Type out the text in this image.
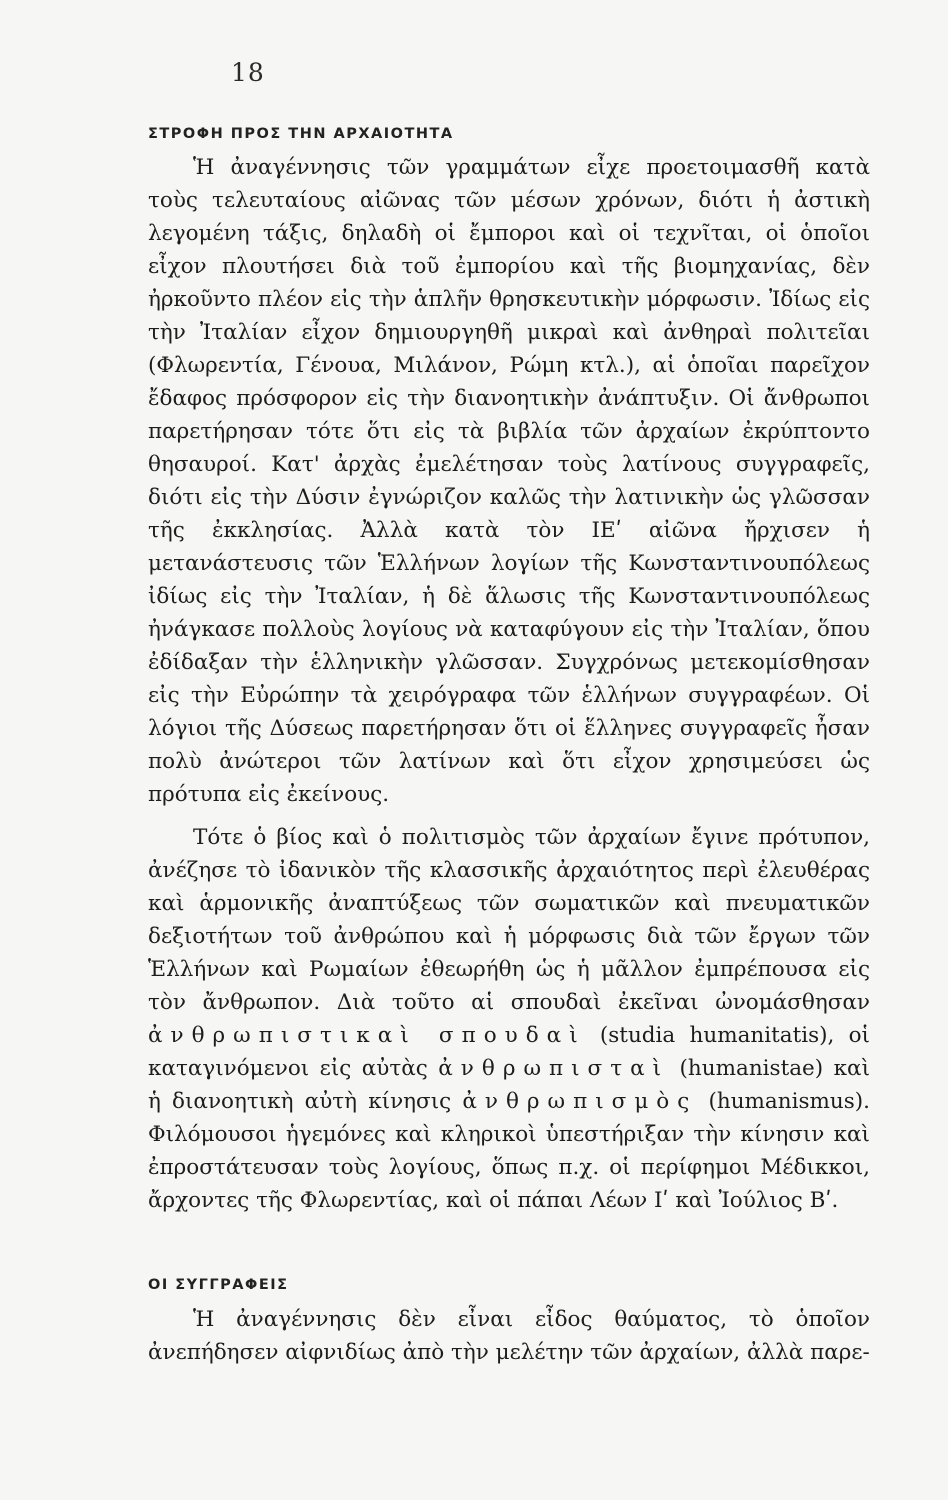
18
ΣΤΡΟΦΗ ΠΡΟΣ ΤΗΝ ΑΡΧΑΙΟΤΗΤΑ

Ἡ ἀναγέννησις τῶν γραμμάτων εἶχε προετοιμασθῆ κατὰ τοὺς τελευταίους αἰῶνας τῶν μέσων χρόνων, διότι ἡ ἀστικὴ λεγομένη τάξις, δηλαδὴ οἱ ἔμποροι καὶ οἱ τεχνῖται, οἱ ὁποῖοι εἶχον πλουτήσει διὰ τοῦ ἐμπορίου καὶ τῆς βιομηχανίας, δὲν ἠρκοῦντο πλέον εἰς τὴν ἁπλῆν θρησκευτικὴν μόρφωσιν. Ἰδίως εἰς τὴν Ἰταλίαν εἶχον δημιουργηθῆ μικραὶ καὶ ἀνθηραὶ πολιτεῖαι (Φλωρεντία, Γένουα, Μιλάνον, Ρώμη κτλ.), αἱ ὁποῖαι παρεῖχον ἔδαφος πρόσφορον εἰς τὴν διανοητικὴν ἀνάπτυξιν. Οἱ ἄνθρωποι παρετήρησαν τότε ὅτι εἰς τὰ βιβλία τῶν ἀρχαίων ἐκρύπτοντο θησαυροί. Κατ' ἀρχὰς ἐμελέτησαν τοὺς λατίνους συγγραφεῖς, διότι εἰς τὴν Δύσιν ἐγνώριζον καλῶς τὴν λατινικὴν ὡς γλῶσσαν τῆς ἐκκλησίας. Ἀλλὰ κατὰ τὸν ΙΕʹ αἰῶνα ἤρχισεν ἡ μετανάστευσις τῶν Ἑλλήνων λογίων τῆς Κωνσταντινουπόλεως ἰδίως εἰς τὴν Ἰταλίαν, ἡ δὲ ἅλωσις τῆς Κωνσταντινουπόλεως ἠνάγκασε πολλοὺς λογίους νὰ καταφύγουν εἰς τὴν Ἰταλίαν, ὅπου ἐδίδαξαν τὴν ἑλληνικὴν γλῶσσαν. Συγχρόνως μετεκομίσθησαν εἰς τὴν Εὐρώπην τὰ χειρόγραφα τῶν ἑλλήνων συγγραφέων. Οἱ λόγιοι τῆς Δύσεως παρετήρησαν ὅτι οἱ ἕλληνες συγγραφεῖς ἦσαν πολὺ ἀνώτεροι τῶν λατίνων καὶ ὅτι εἶχον χρησιμεύσει ὡς πρότυπα εἰς ἐκείνους.

Τότε ὁ βίος καὶ ὁ πολιτισμὸς τῶν ἀρχαίων ἔγινε πρότυπον, ἀνέζησε τὸ ἰδανικὸν τῆς κλασσικῆς ἀρχαιότητος περὶ ἐλευθέρας καὶ ἁρμονικῆς ἀναπτύξεως τῶν σωματικῶν καὶ πνευματικῶν δεξιοτήτων τοῦ ἀνθρώπου καὶ ἡ μόρφωσις διὰ τῶν ἔργων τῶν Ἑλλήνων καὶ Ρωμαίων ἐθεωρήθη ὡς ἡ μᾶλλον ἐμπρέπουσα εἰς τὸν ἄνθρωπον. Διὰ τοῦτο αἱ σπουδαὶ ἐκεῖναι ὠνομάσθησαν ἀνθρωπιστικαὶ σπουδαὶ (studia humanitatis), οἱ καταγινόμενοι εἰς αὐτὰς ἀνθρωπισταὶ (humanistae) καὶ ἡ διανοητικὴ αὐτὴ κίνησις ἀνθρωπισμὸς (humanismus). Φιλόμουσοι ἡγεμόνες καὶ κληρικοὶ ὑπεστήριξαν τὴν κίνησιν καὶ ἐπροστάτευσαν τοὺς λογίους, ὅπως π.χ. οἱ περίφημοι Μέδικκοι, ἄρχοντες τῆς Φλωρεντίας, καὶ οἱ πάπαι Λέων Ιʹ καὶ Ἰούλιος Βʹ.

ΟΙ ΣΥΓΓΡΑΦΕΙΣ

Ἡ ἀναγέννησις δὲν εἶναι εἶδος θαύματος, τὸ ὁποῖον ἀνεπήδησεν αἰφνιδίως ἀπὸ τὴν μελέτην τῶν ἀρχαίων, ἀλλὰ παρε-
